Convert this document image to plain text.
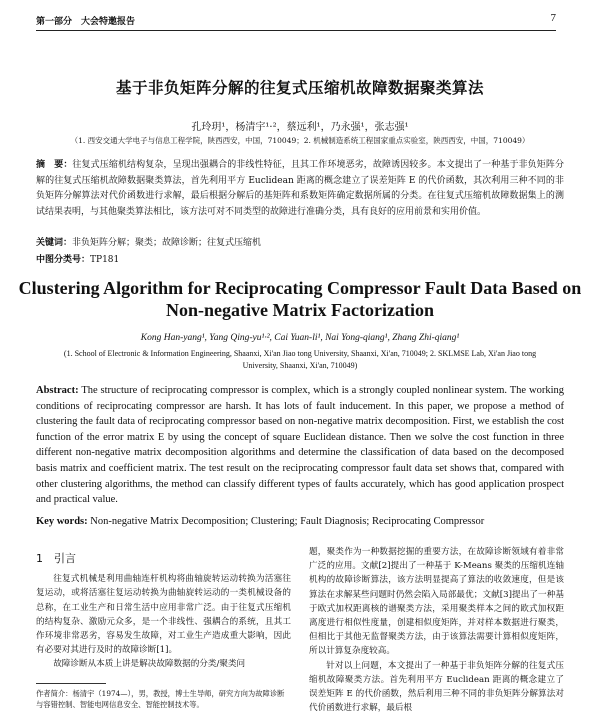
第一部分　大会特邀报告	7
基于非负矩阵分解的往复式压缩机故障数据聚类算法
孔玲玥¹，杨清宇¹·²，蔡远利¹，乃永强¹，张志强¹
（1. 西安交通大学电子与信息工程学院，陕西西安，中国，710049；2. 机械制造系统工程国家重点实验室，陕西西安，中国，710049）
摘　要：往复式压缩机结构复杂，呈现出强耦合的非线性特征，且其工作环境恶劣，故障诱因较多。本文提出了一种基于非负矩阵分解的往复式压缩机故障数据聚类算法，首先利用平方 Euclidean 距离的概念建立了误差矩阵 E 的代价函数，其次利用三种不同的非负矩阵分解算法对代价函数进行求解，最后根据分解后的基矩阵和系数矩阵确定数据所属的分类。在往复式压缩机故障数据集上的测试结果表明，与其他聚类算法相比，该方法可对不同类型的故障进行准确分类，具有良好的应用前景和实用价值。
关键词：非负矩阵分解；聚类；故障诊断；往复式压缩机
中图分类号：TP181
Clustering Algorithm for Reciprocating Compressor Fault Data Based on
Non-negative Matrix Factorization
Kong Han-yang¹, Yang Qing-yu¹·², Cai Yuan-li¹, Nai Yong-qiang¹, Zhang Zhi-qiang¹
(1. School of Electronic & Information Engineering, Shaanxi, Xi'an Jiao tong University, Shaanxi, Xi'an, 710049; 2. SKLMSE Lab, Xi'an Jiao tong University, Shaanxi, Xi'an, 710049)
Abstract: The structure of reciprocating compressor is complex, which is a strongly coupled nonlinear system. The working conditions of reciprocating compressor are harsh. It has lots of fault inducement. In this paper, we propose a method of clustering the fault data of reciprocating compressor based on non-negative matrix decomposition. First, we establish the cost function of the error matrix E by using the concept of square Euclidean distance. Then we solve the cost function in three different non-negative matrix decomposition algorithms and determine the classification of data based on the decomposed basis matrix and coefficient matrix. The test result on the reciprocating compressor fault data set shows that, compared with other clustering algorithms, the method can classify different types of faults accurately, which has good application prospect and practical value.
Key words: Non-negative Matrix Decomposition; Clustering; Fault Diagnosis; Reciprocating Compressor
1　引言

往复式机械是利用曲轴连杆机构将曲轴旋转运动转换为活塞往复运动，或将活塞往复运动转换为曲轴旋转运动的一类机械设备的总称，在工业生产和日常生活中应用非常广泛。由于往复式压缩机的结构复杂、激励元众多，是一个非线性、强耦合的系统，且其工作环境非常恶劣，容易发生故障，对工业生产造成重大影响，因此有必要对其进行及时的故障诊断[1]。

故障诊断从本质上讲是解决故障数据的分类/聚类问

题，聚类作为一种数据挖掘的重要方法，在故障诊断领域有着非常广泛的应用。文献[2]提出了一种基于 K-Means 聚类的压缩机连轴机构的故障诊断算法，该方法明显提高了算法的收敛速度，但是该算法在求解某些问题时仍然会陷入局部最优；文献[3]提出了一种基于欧式加权距离核的谱聚类方法，采用聚类样本之间的欧式加权距离度进行相似性度量，创建相似度矩阵，并对样本数据进行聚类，但相比于其他无监督聚类方法，由于该算法需要计算相似度矩阵，所以计算复杂度较高。

针对以上问题，本文提出了一种基于非负矩阵分解的往复式压缩机故障聚类方法。首先利用平方 Euclidean 距离的概念建立了误差矩阵 E 的代价函数，然后利用三种不同的非负矩阵分解算法对代价函数进行求解，最后根

作者简介：杨清宇（1974—），男，教授，博士生导师，研究方向为故障诊断与容错控制、智能电网信息安全、智能控制技术等。
